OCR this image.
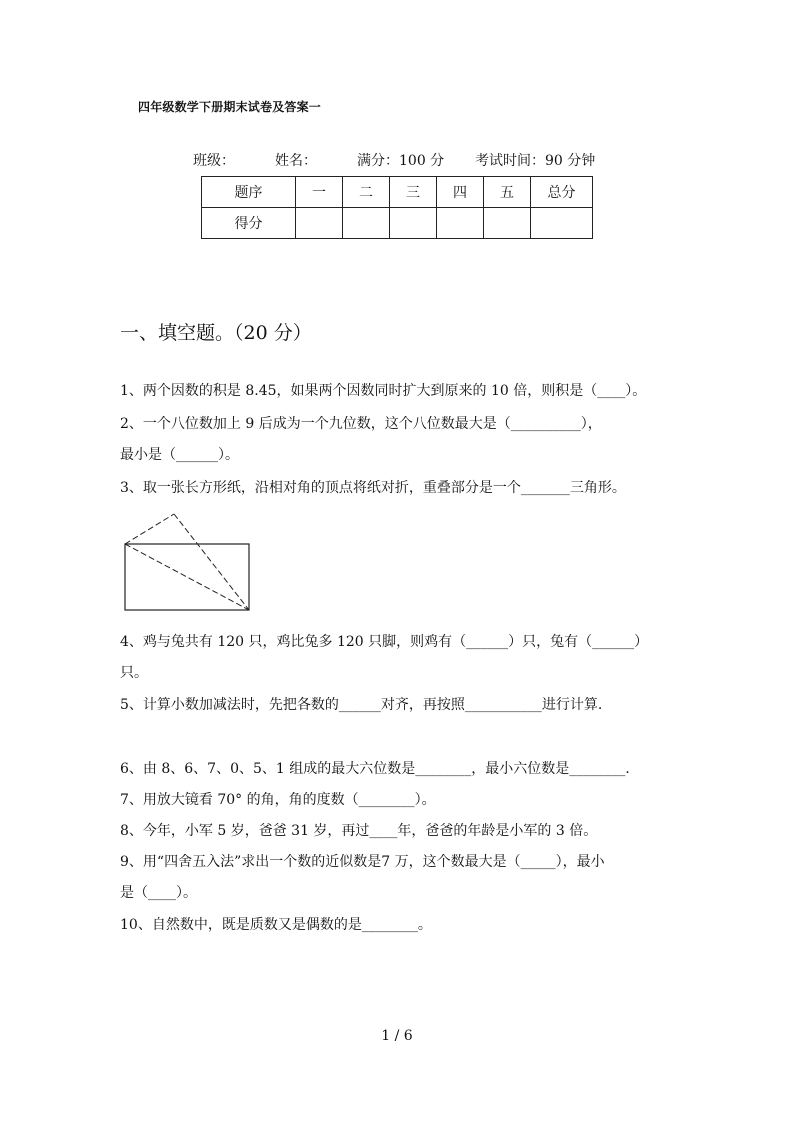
四年级数学下册期末试卷及答案一
班级：	姓名：	满分：100 分 考试时间：90 分钟
题序	一	二	三	四	五	总分
得分						
一、填空题。（20 分）
1、两个因数的积是 8.45，如果两个因数同时扩大到原来的 10 倍，则积是（____）。
2、一个八位数加上 9 后成为一个九位数，这个八位数最大是（__________），
最小是（______）。
3、取一张长方形纸，沿相对角的顶点将纸对折，重叠部分是一个_______三角形。
4、鸡与兔共有 120 只，鸡比兔多 120 只脚，则鸡有（______）只，兔有（______）
只。
5、计算小数加减法时，先把各数的______对齐，再按照___________进行计算.
6、由 8、6、7、0、5、1 组成的最大六位数是________，最小六位数是________.
7、用放大镜看 70° 的角，角的度数（________）。
8、今年，小军 5 岁，爸爸 31 岁，再过____年，爸爸的年龄是小军的 3 倍。
9、用“四舍五入法”求出一个数的近似数是7 万，这个数最大是（_____），最小
是（____）。
10、自然数中，既是质数又是偶数的是________。
1 / 6
